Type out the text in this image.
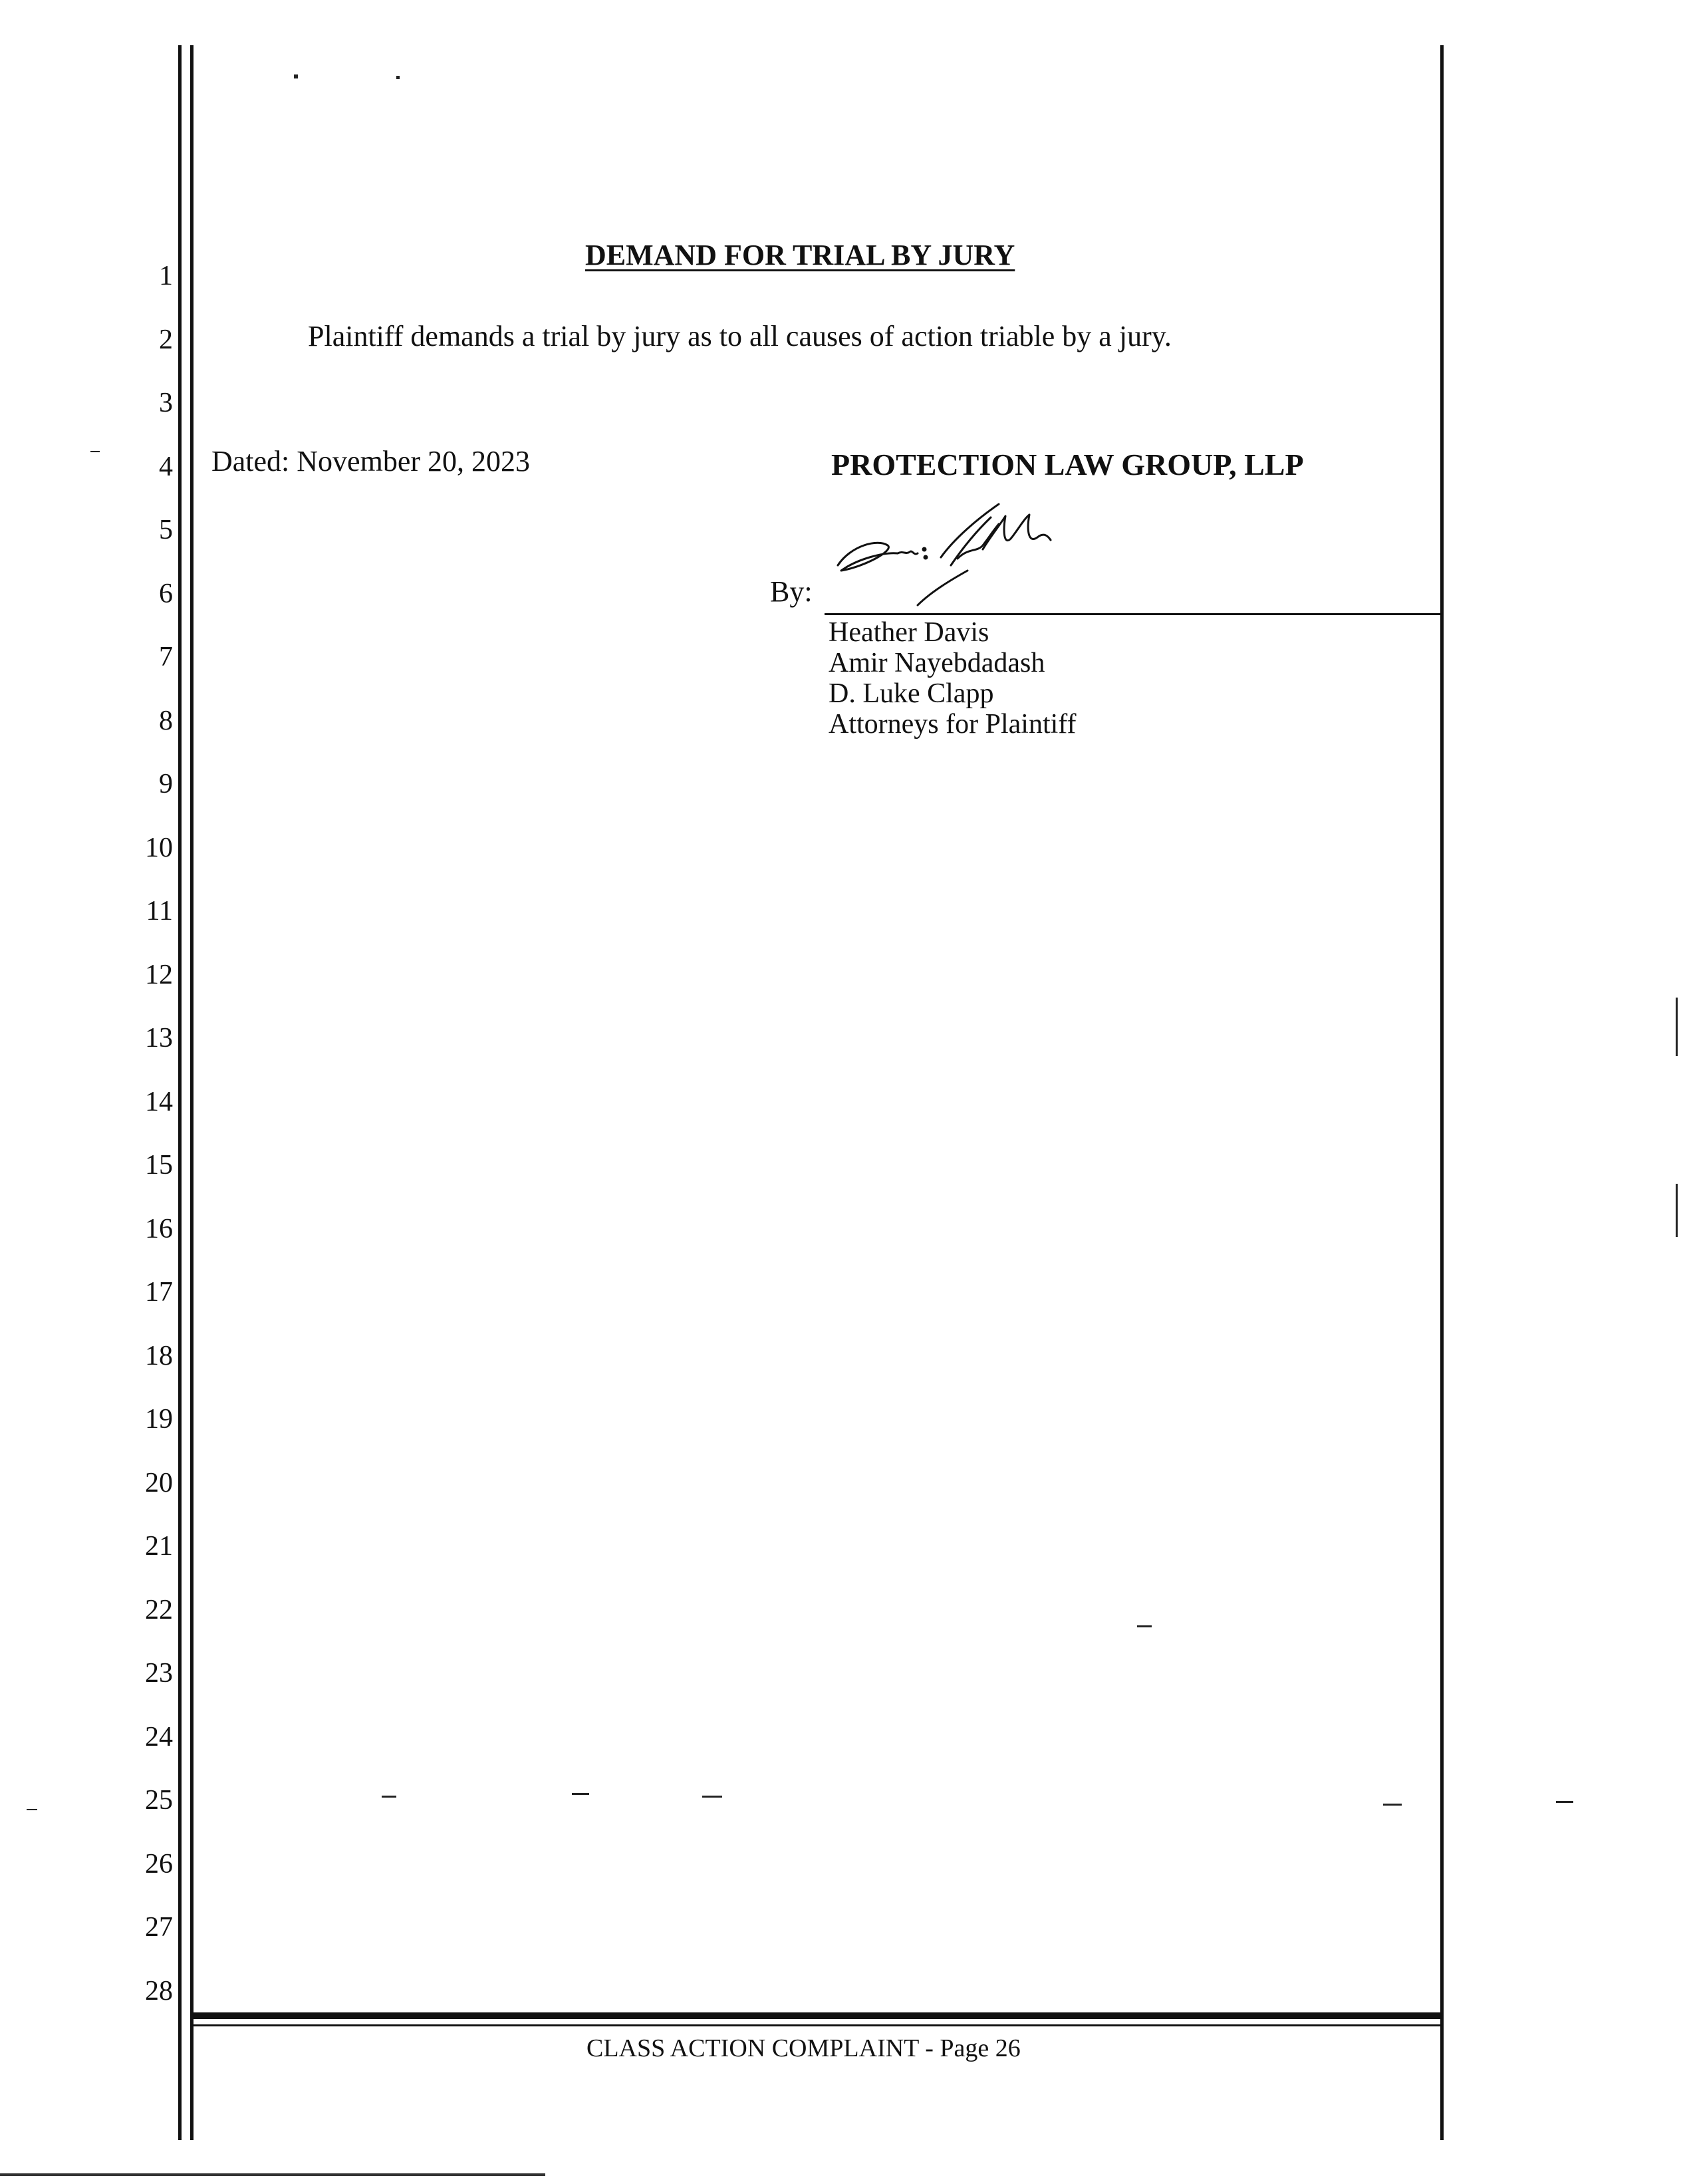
1
2
3
4
5
6
7
8
9
10
11
12
13
14
15
16
17
18
19
20
21
22
23
24
25
26
27
28
DEMAND FOR TRIAL BY JURY
Plaintiff demands a trial by jury as to all causes of action triable by a jury.
Dated: November 20, 2023	PROTECTION LAW GROUP, LLP
By:
Heather Davis
Amir Nayebdadash
D. Luke Clapp
Attorneys for Plaintiff
CLASS ACTION COMPLAINT - Page 26
